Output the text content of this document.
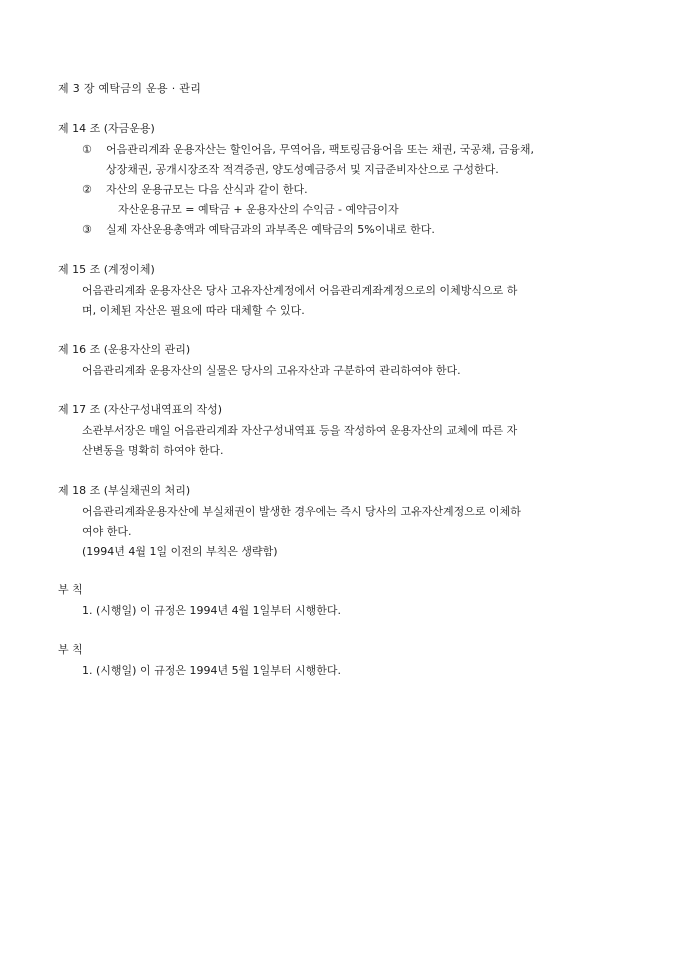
제 3 장 예탁금의 운용 · 관리
제 14 조 (자금운용)
① 어음관리계좌 운용자산는 할인어음, 무역어음, 팩토링금융어음 또는 채권, 국공채, 금융채,
상장채권, 공개시장조작 적격증권, 양도성예금증서 및 지급준비자산으로 구성한다.
② 자산의 운용규모는 다음 산식과 같이 한다.
자산운용규모 = 예탁금 + 운용자산의 수익금 - 예약금이자
③ 실제 자산운용총액과 예탁금과의 과부족은 예탁금의 5%이내로 한다.
제 15 조 (계정이체)
어음관리계좌 운용자산은 당사 고유자산계정에서 어음관리계좌계정으로의 이체방식으로 하
며, 이체된 자산은 필요에 따라 대체할 수 있다.
제 16 조 (운용자산의 관리)
어음관리계좌 운용자산의 실물은 당사의 고유자산과 구분하여 관리하여야 한다.
제 17 조 (자산구성내역표의 작성)
소관부서장은 매일 어음관리계좌 자산구성내역표 등을 작성하여 운용자산의 교체에 따른 자
산변동을 명확히 하여야 한다.
제 18 조 (부실채권의 처리)
어음관리계좌운용자산에 부실채권이 발생한 경우에는 즉시 당사의 고유자산계정으로 이체하
여야 한다.
(1994년 4월 1일 이전의 부칙은 생략함)
부 칙
1. (시행일) 이 규정은 1994년 4월 1일부터 시행한다.
부 칙
1. (시행일) 이 규정은 1994년 5월 1일부터 시행한다.
